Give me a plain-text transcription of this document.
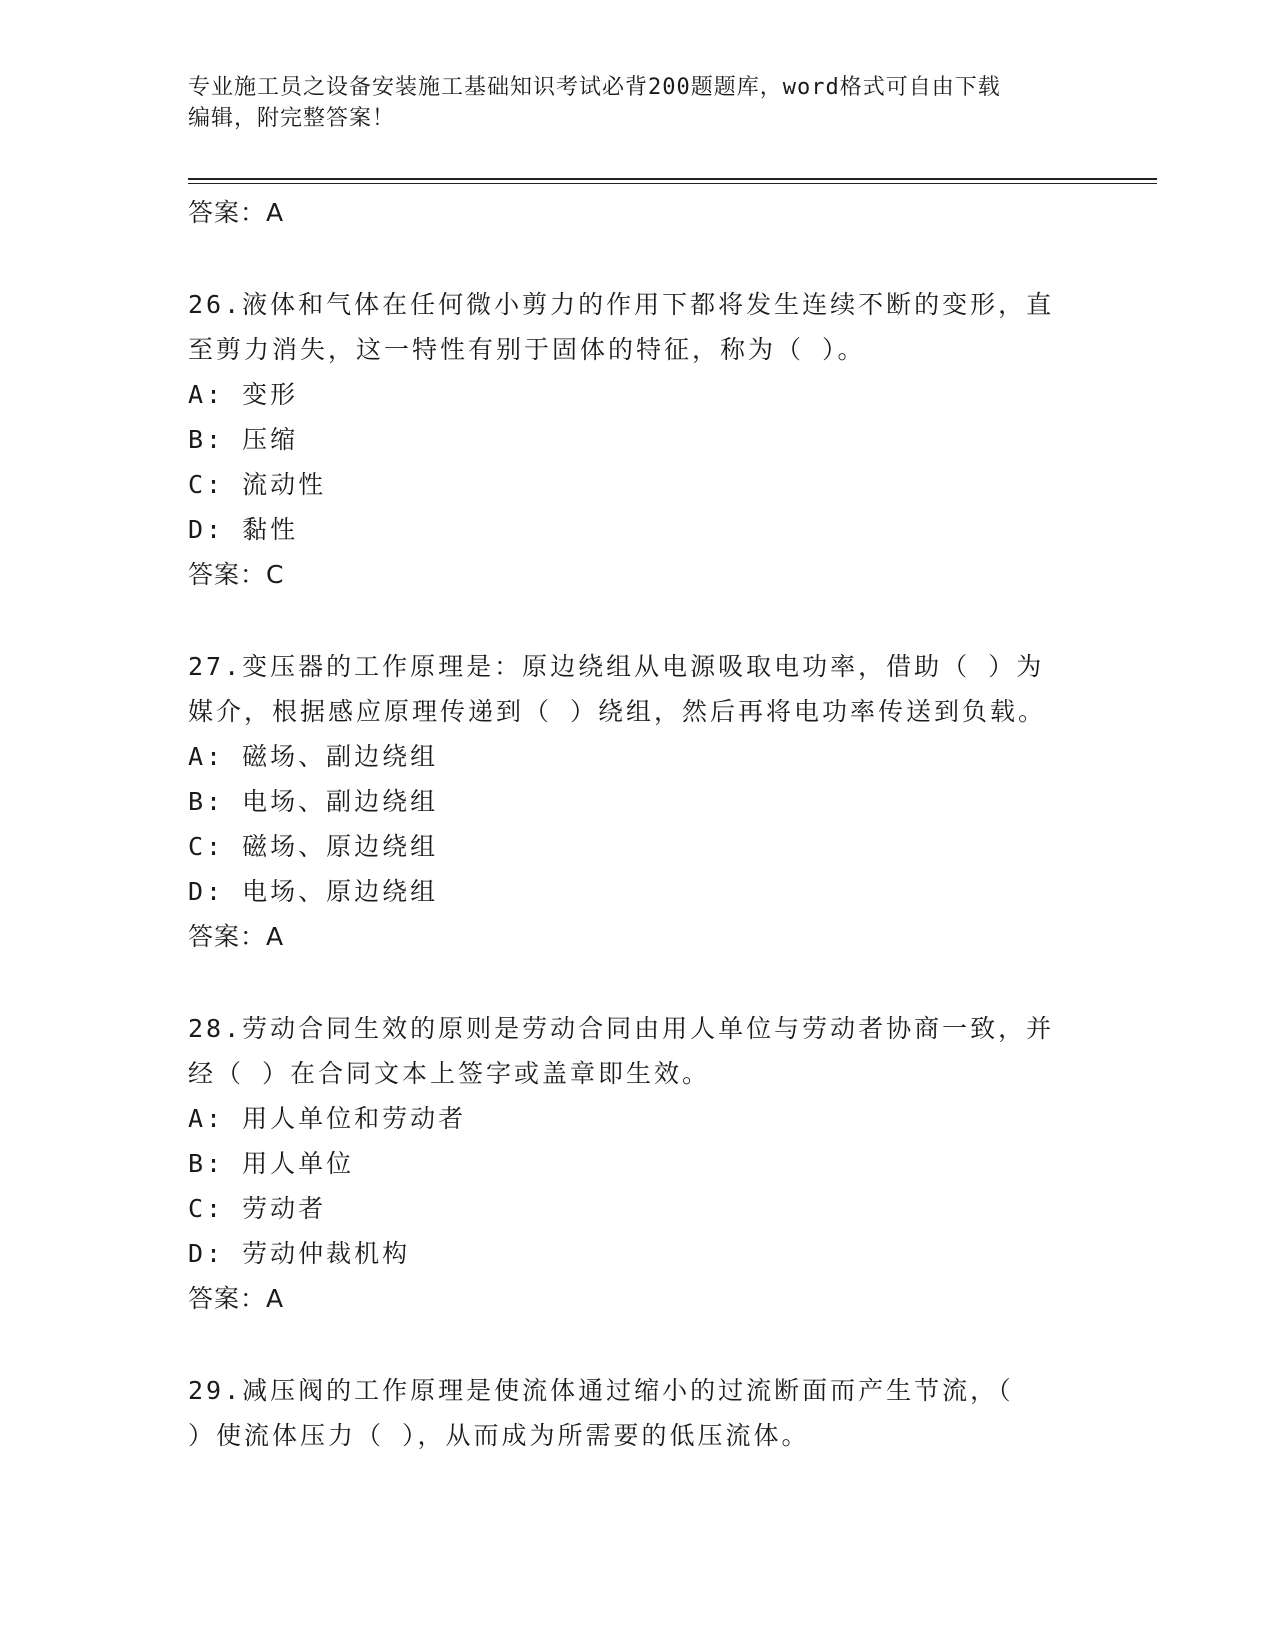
专业施工员之设备安装施工基础知识考试必背200题题库，word格式可自由下载
编辑，附完整答案！
答案：A
26.液体和气体在任何微小剪力的作用下都将发生连续不断的变形，直
至剪力消失，这一特性有别于固体的特征，称为（ ）。
A: 变形
B: 压缩
C: 流动性
D: 黏性
答案：C
27.变压器的工作原理是：原边绕组从电源吸取电功率，借助（ ）为
媒介，根据感应原理传递到（ ）绕组，然后再将电功率传送到负载。
A: 磁场、副边绕组
B: 电场、副边绕组
C: 磁场、原边绕组
D: 电场、原边绕组
答案：A
28.劳动合同生效的原则是劳动合同由用人单位与劳动者协商一致，并
经（ ）在合同文本上签字或盖章即生效。
A: 用人单位和劳动者
B: 用人单位
C: 劳动者
D: 劳动仲裁机构
答案：A
29.减压阀的工作原理是使流体通过缩小的过流断面而产生节流，（
）使流体压力（ ），从而成为所需要的低压流体。
